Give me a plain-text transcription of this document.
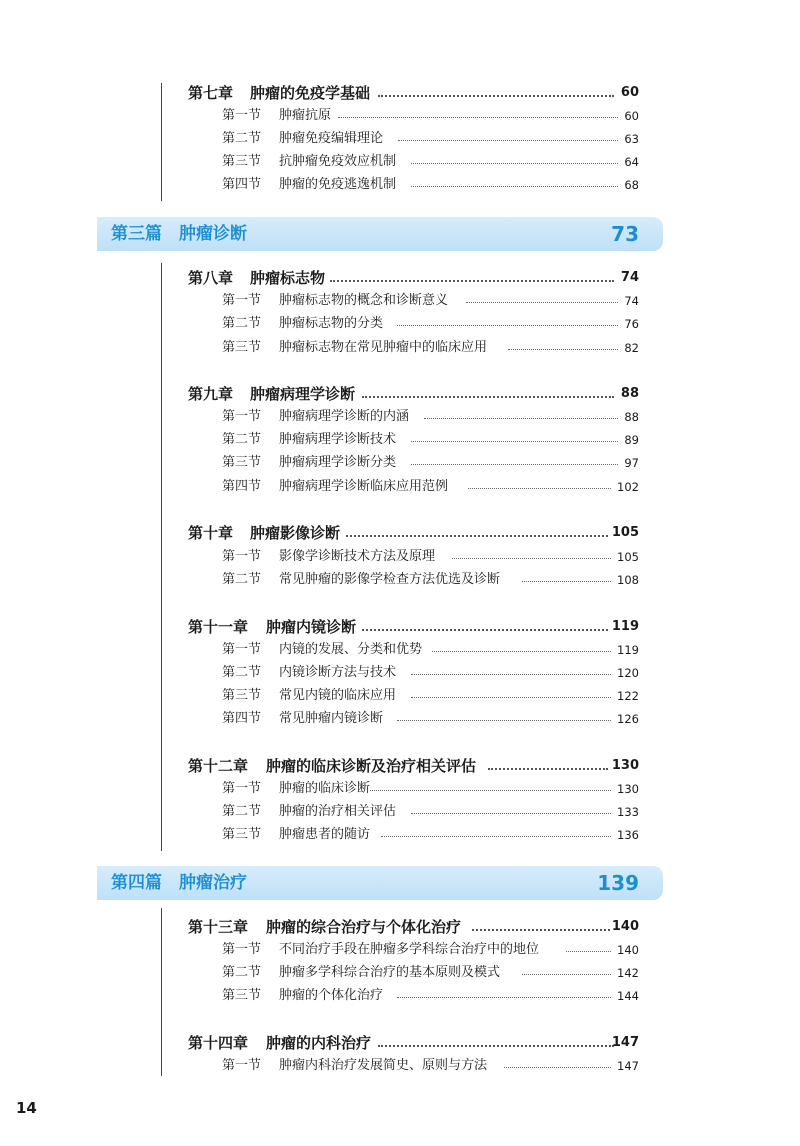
第三篇　肿瘤诊断	73
第四篇　肿瘤治疗	139
第七章 肿瘤的免疫学基础	60
第一节 肿瘤抗原	60
第二节 肿瘤免疫编辑理论	63
第三节 抗肿瘤免疫效应机制	64
第四节 肿瘤的免疫逃逸机制	68
第八章 肿瘤标志物	74
第一节 肿瘤标志物的概念和诊断意义	74
第二节 肿瘤标志物的分类	76
第三节 肿瘤标志物在常见肿瘤中的临床应用	82
第九章 肿瘤病理学诊断	88
第一节 肿瘤病理学诊断的内涵	88
第二节 肿瘤病理学诊断技术	89
第三节 肿瘤病理学诊断分类	97
第四节 肿瘤病理学诊断临床应用范例	102
第十章 肿瘤影像诊断	105
第一节 影像学诊断技术方法及原理	105
第二节 常见肿瘤的影像学检查方法优选及诊断	108
第十一章 肿瘤内镜诊断	119
第一节 内镜的发展、分类和优势	119
第二节 内镜诊断方法与技术	120
第三节 常见内镜的临床应用	122
第四节 常见肿瘤内镜诊断	126
第十二章 肿瘤的临床诊断及治疗相关评估	130
第一节 肿瘤的临床诊断	130
第二节 肿瘤的治疗相关评估	133
第三节 肿瘤患者的随访	136
第十三章 肿瘤的综合治疗与个体化治疗	140
第一节 不同治疗手段在肿瘤多学科综合治疗中的地位	140
第二节 肿瘤多学科综合治疗的基本原则及模式	142
第三节 肿瘤的个体化治疗	144
第十四章 肿瘤的内科治疗	147
第一节 肿瘤内科治疗发展简史、原则与方法	147
14
